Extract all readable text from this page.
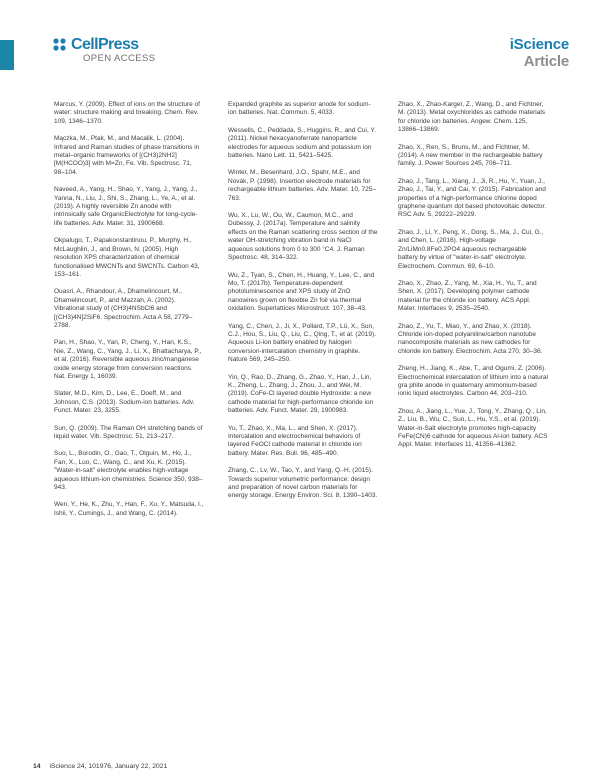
CellPress
OPEN ACCESS
iScience
Article

Marcus, Y. (2009). Effect of ions on the structure of water: structure making and breaking. Chem. Rev. 109, 1346–1370.

Mączka, M., Ptak, M., and Macalik, L. (2004). Infrared and Raman studies of phase transitions in metal–organic frameworks of [(CH3)2NH2][M(HCOO)3] with M=Zn, Fe. Vib. Spectrosc. 71, 98–104.

Naveed, A., Yang, H., Shao, Y., Yang, J., Yang, J., Yanna, N., Liu, J., Shi, S., Zhang, L., Ye, A., et al. (2019). A highly reversible Zn anode with intrinsically safe OrganicElectrolyte for long-cycle-life batteries. Adv. Mater. 31, 1900668.

Okpalugo, T., Papakonstantinou, P., Murphy, H., McLaughlin, J., and Brown, N. (2005). High resolution XPS characterization of chemical functionalised MWCNTs and SWCNTs. Carbon 43, 153–161.

Ouasri, A., Rhandour, A., Dhamelincourt, M., Dhamelincourt, P., and Mazzah, A. (2002). Vibrational study of (CH3)4NSbCl6 and [(CH3)4N]2SiF6. Spectrochim. Acta A 58, 2779–2788.

Pan, H., Shao, Y., Yan, P., Cheng, Y., Han, K.S., Nie, Z., Wang, C., Yang, J., Li, X., Bhattacharya, P., et al. (2016). Reversible aqueous zinc/manganese oxide energy storage from conversion reactions. Nat. Energy 1, 16039.

Slater, M.D., Kim, D., Lee, E., Doeff, M., and Johnson, C.S. (2013). Sodium-ion batteries. Adv. Funct. Mater. 23, 3255.

Sun, Q. (2009). The Raman OH stretching bands of liquid water. Vib. Spectrosc. 51, 213–217.

Suo, L., Borodin, O., Gao, T., Olguin, M., Ho, J., Fan, X., Luo, C., Wang, C., and Xu, K. (2015). "Water-in-salt" electrolyte enables high-voltage aqueous lithium-ion chemistries. Science 350, 938–943.

Wen, Y., He, K., Zhu, Y., Han, F., Xu, Y., Matsuda, I., Ishii, Y., Cumings, J., and Wang, C. (2014).

Expanded graphite as superior anode for sodium-ion batteries. Nat. Commun. 5, 4033.

Wessells, C., Peddada, S., Huggins, R., and Cui, Y. (2011). Nickel hexacyanoferrate nanoparticle electrodes for aqueous sodium and potassium ion batteries. Nano Lett. 11, 5421–5425.

Winter, M., Besenhard, J.O., Spahr, M.E., and Novák, P. (1998). Insertion electrode materials for rechargeable lithium batteries. Adv. Mater. 10, 725–763.

Wu, X., Lu, W., Ou, W., Caumon, M.C., and Dubessy, J. (2017a). Temperature and salinity effects on the Raman scattering cross section of the water OH-stretching vibration band in NaCl aqueous solutions from 0 to 300 °C4. J. Raman Spectrosc. 48, 314–322.

Wu, Z., Tyan, S., Chen, H., Huang, Y., Lee, C., and Mo, T. (2017b). Temperature-dependent photoluminescence and XPS study of ZnO nanowires grown on flexible Zn foil via thermal oxidation. Superlattices Microstruct. 107, 38–43.

Yang, C., Chen, J., Ji, X., Pollard, T.P., Lü, X., Sun, C.J., Hou, S., Liu, Q., Liu, C., Qing, T., et al. (2019). Aqueous Li-ion battery enabled by halogen conversion-intercalation chemistry in graphite. Nature 569, 245–250.

Yin, Q., Rao, D., Zhang, G., Zhao, Y., Han, J., Lin, K., Zheng, L., Zhang, J., Zhou, J., and Wei, M. (2019). CoFe-Cl layered double Hydroxide: a new cathode material for high-performance chloride ion batteries. Adv. Funct. Mater. 29, 1900983.

Yu, T., Zhao, X., Ma, L., and Shen, X. (2017). Intercalation and electrochemical behaviors of layered FeOCl cathode material in chloride ion battery. Mater. Res. Bull. 96, 485–490.

Zhang, C., Lv, W., Tao, Y., and Yang, Q.-H. (2015). Towards superior volumetric performance: design and preparation of novel carbon materials for energy storage. Energy Environ. Sci. 8, 1390–1403.

Zhao, X., Zhao-Karger, Z., Wang, D., and Fichtner, M. (2013). Metal oxychlorides as cathode materials for chloride ion batteries. Angew. Chem. 125, 13866–13869.

Zhao, X., Ren, S., Bruns, M., and Fichtner, M. (2014). A new member in the rechargeable battery family. J. Power Sources 245, 706–711.

Zhao, J., Tang, L., Xiang, J., Ji, R., Hu, Y., Yuan, J., Zhao, J., Tai, Y., and Cai, Y. (2015). Fabrication and properties of a high-performance chlorine doped graphene quantum dot based photovoltaic detector. RSC Adv. 5, 29222–29229.

Zhao, J., Li, Y., Peng, X., Dong, S., Ma, J., Cui, G., and Chen, L. (2016). High-voltage Zn/LiMn0.8Fe0.2PO4 aqueous rechargeable battery by virtue of "water-in-salt" electrolyte. Electrochem. Commun. 69, 6–10.

Zhao, X., Zhao, Z., Yang, M., Xia, H., Yu, T., and Shen, X. (2017). Developing polymer cathode material for the chloride ion battery. ACS Appl. Mater. Interfaces 9, 2535–2540.

Zhao, Z., Yu, T., Miao, Y., and Zhao, X. (2018). Chloride ion-doped polyaniline/carbon nanotube nanocomposite materials as new cathodes for chloride ion battery. Electrochim. Acta 270, 30–36.

Zheng, H., Jiang, K., Abe, T., and Ogumi, Z. (2006). Electrochemical intercalation of lithium into a natural gra phite anode in quaternary ammonium-based ionic liquid electrolytes. Carbon 44, 203–210.

Zhou, A., Jiang, L., Yue, J., Tong, Y., Zhang, Q., Lin, Z., Liu, B., Wu, C., Suo, L., Hu, Y.S., et al. (2019). Water-in-Salt electrolyte promotes high-capacity FeFe(CN)6 cathode for aqueous Al-ion battery. ACS Appl. Mater. Interfaces 11, 41356–41362.

14 iScience 24, 101976, January 22, 2021
